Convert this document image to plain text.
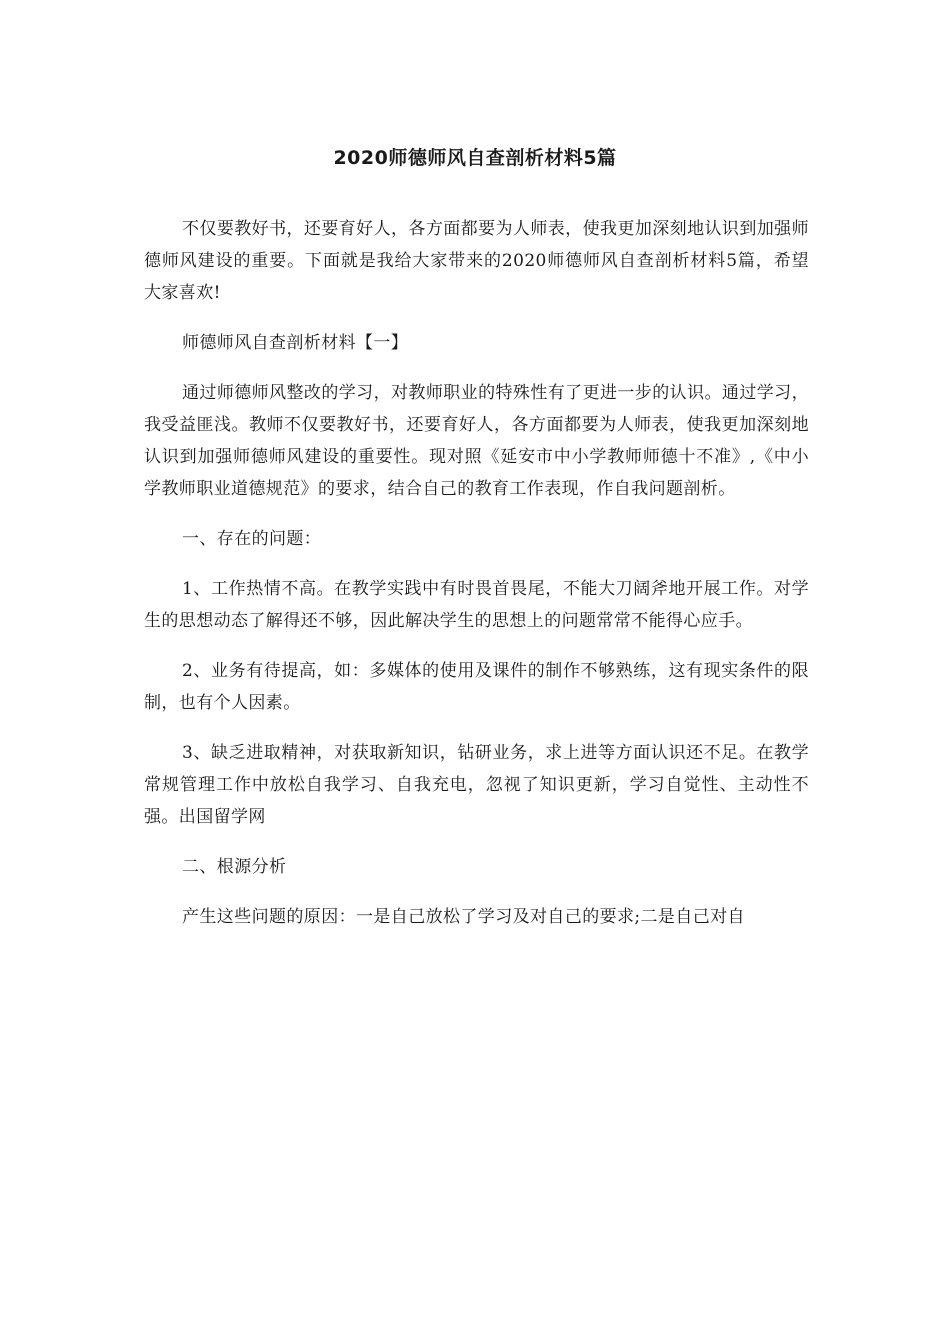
2020师德师风自查剖析材料5篇

不仅要教好书，还要育好人，各方面都要为人师表，使我更加深刻地认识到加强师德师风建设的重要。下面就是我给大家带来的2020师德师风自查剖析材料5篇，希望大家喜欢!

师德师风自查剖析材料【一】

通过师德师风整改的学习，对教师职业的特殊性有了更进一步的认识。通过学习，我受益匪浅。教师不仅要教好书，还要育好人，各方面都要为人师表，使我更加深刻地认识到加强师德师风建设的重要性。现对照《延安市中小学教师师德十不准》,《中小学教师职业道德规范》的要求，结合自己的教育工作表现，作自我问题剖析。

一、存在的问题：

1、工作热情不高。在教学实践中有时畏首畏尾，不能大刀阔斧地开展工作。对学生的思想动态了解得还不够，因此解决学生的思想上的问题常常不能得心应手。

2、业务有待提高，如：多媒体的使用及课件的制作不够熟练，这有现实条件的限制，也有个人因素。

3、缺乏进取精神，对获取新知识，钻研业务，求上进等方面认识还不足。在教学常规管理工作中放松自我学习、自我充电，忽视了知识更新，学习自觉性、主动性不强。出国留学网

二、根源分析

产生这些问题的原因：一是自己放松了学习及对自己的要求;二是自己对自
